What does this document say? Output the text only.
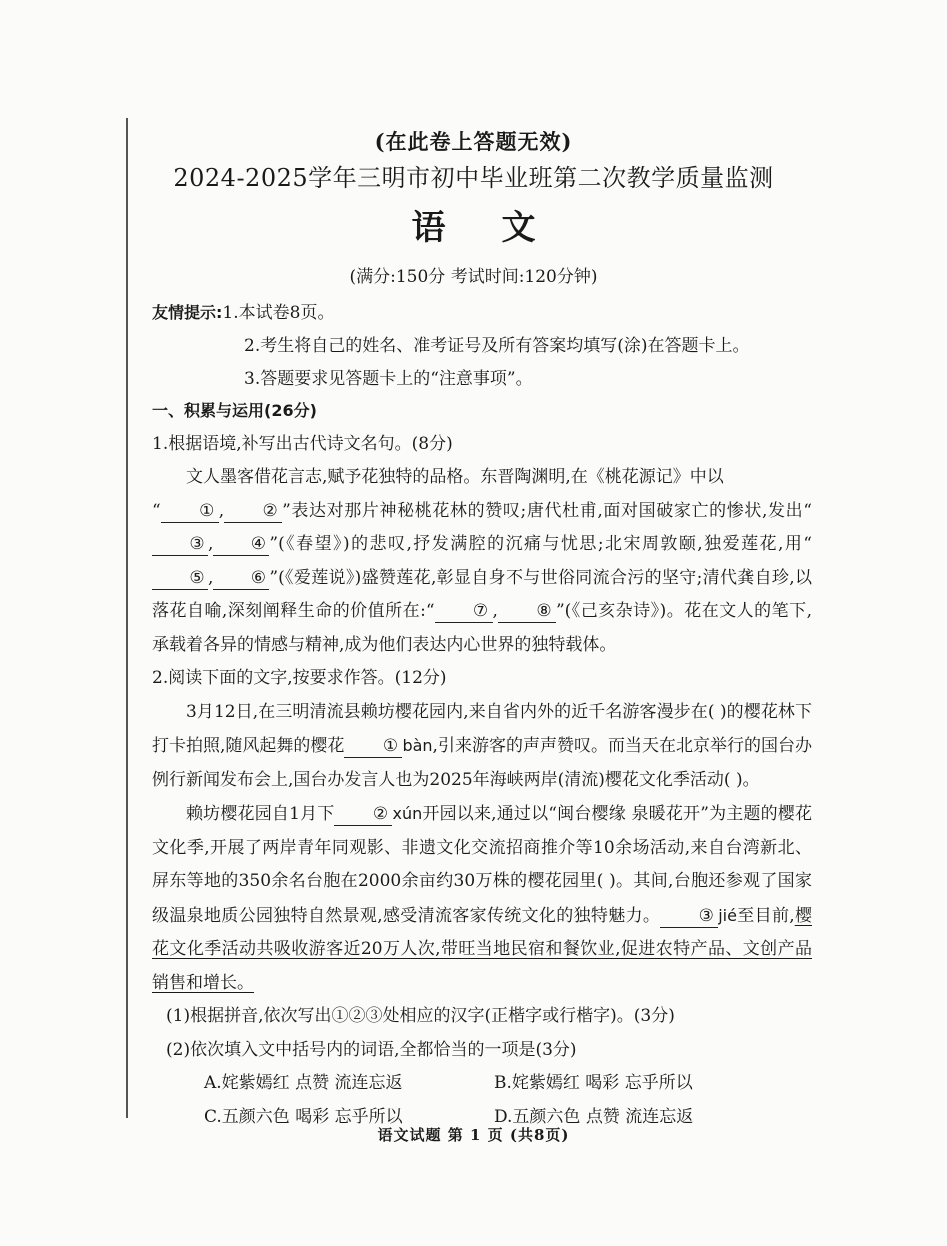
(在此卷上答题无效)
2024-2025学年三明市初中毕业班第二次教学质量监测
语文
(满分:150分 考试时间:120分钟)
友情提示:1.本试卷8页。
2.考生将自己的姓名、准考证号及所有答案均填写(涂)在答题卡上。
3.答题要求见答题卡上的“注意事项”。
一、积累与运用(26分)
1.根据语境,补写出古代诗文名句。(8分)
文人墨客借花言志,赋予花独特的品格。东晋陶渊明,在《桃花源记》中以
“ ① , ② ”表达对那片神秘桃花林的赞叹;唐代杜甫,面对国破家亡的惨状,发出“③ , ④ ”(《春望》)的悲叹,抒发满腔的沉痛与忧思;北宋周敦颐,独爱莲花,用“⑤ , ⑥ ”(《爱莲说》)盛赞莲花,彰显自身不与世俗同流合污的坚守;清代龚自珍,以落花自喻,深刻阐释生命的价值所在:“ ⑦ , ⑧ ”(《己亥杂诗》)。花在文人的笔下,承载着各异的情感与精神,成为他们表达内心世界的独特载体。
2.阅读下面的文字,按要求作答。(12分)
3月12日,在三明清流县赖坊樱花园内,来自省内外的近千名游客漫步在( )的樱花林下打卡拍照,随风起舞的樱花 ① bàn,引来游客的声声赞叹。而当天在北京举行的国台办例行新闻发布会上,国台办发言人也为2025年海峡两岸(清流)樱花文化季活动( )。
赖坊樱花园自1月下 ② xún开园以来,通过以“闽台樱缘 泉暖花开”为主题的樱花文化季,开展了两岸青年同观影、非遗文化交流招商推介等10余场活动,来自台湾新北、屏东等地的350余名台胞在2000余亩约30万株的樱花园里( )。其间,台胞还参观了国家级温泉地质公园独特自然景观,感受清流客家传统文化的独特魅力。 ③ jié至目前,樱花文化季活动共吸收游客近20万人次,带旺当地民宿和餐饮业,促进农特产品、文创产品销售和增长。
(1)根据拼音,依次写出①②③处相应的汉字(正楷字或行楷字)。(3分)
(2)依次填入文中括号内的词语,全都恰当的一项是(3分)
A.姹紫嫣红 点赞 流连忘返	B.姹紫嫣红 喝彩 忘乎所以
C.五颜六色 喝彩 忘乎所以	D.五颜六色 点赞 流连忘返
语文试题 第 1 页 (共8页)
